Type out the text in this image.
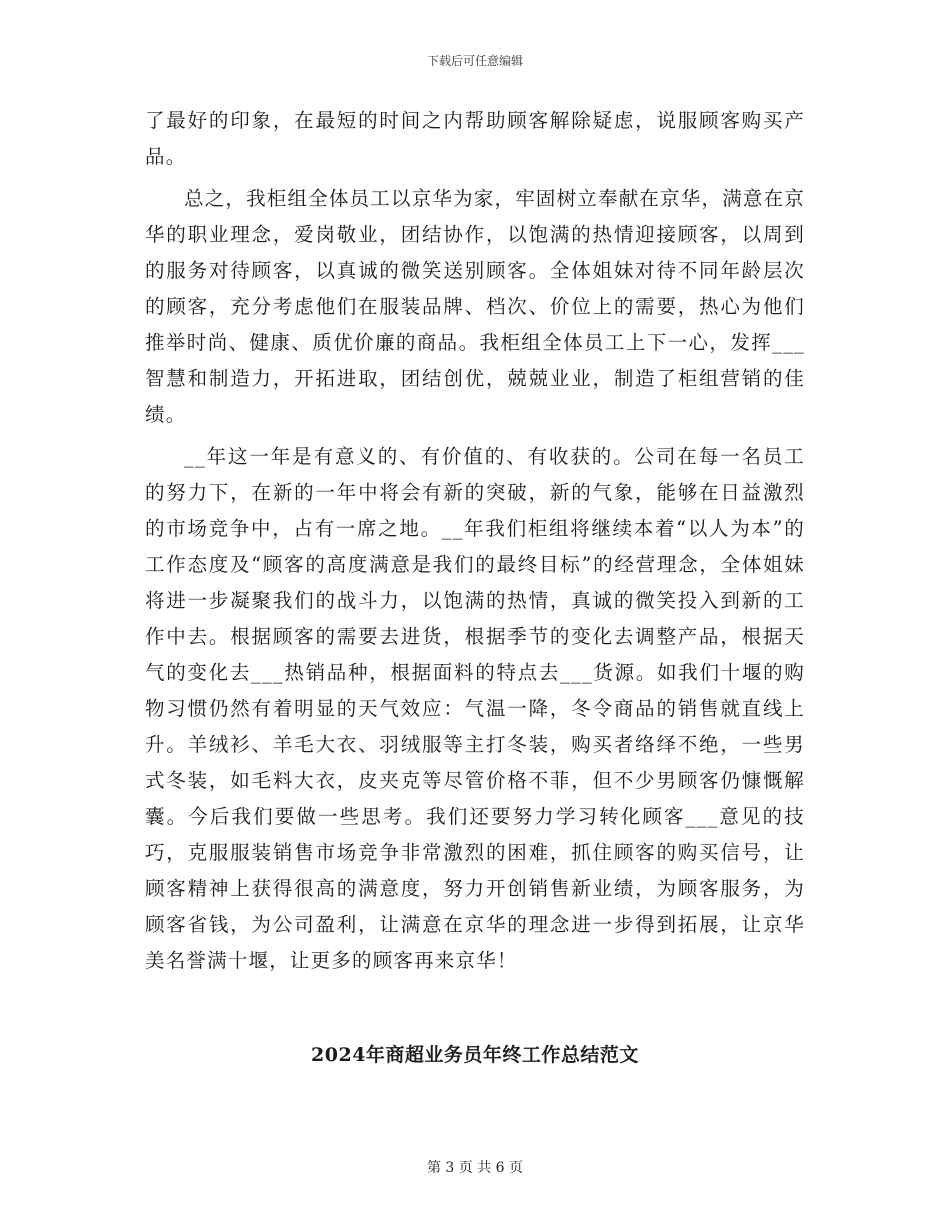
下载后可任意编辑

了最好的印象，在最短的时间之内帮助顾客解除疑虑，说服顾客购买产品。

总之，我柜组全体员工以京华为家，牢固树立奉献在京华，满意在京华的职业理念，爱岗敬业，团结协作，以饱满的热情迎接顾客，以周到的服务对待顾客，以真诚的微笑送别顾客。全体姐妹对待不同年龄层次的顾客，充分考虑他们在服装品牌、档次、价位上的需要，热心为他们推举时尚、健康、质优价廉的商品。我柜组全体员工上下一心，发挥___智慧和制造力，开拓进取，团结创优，兢兢业业，制造了柜组营销的佳绩。

__年这一年是有意义的、有价值的、有收获的。公司在每一名员工的努力下，在新的一年中将会有新的突破，新的气象，能够在日益激烈的市场竞争中，占有一席之地。__年我们柜组将继续本着“以人为本”的工作态度及“顾客的高度满意是我们的最终目标”的经营理念，全体姐妹将进一步凝聚我们的战斗力，以饱满的热情，真诚的微笑投入到新的工作中去。根据顾客的需要去进货，根据季节的变化去调整产品，根据天气的变化去___热销品种，根据面料的特点去___货源。如我们十堰的购物习惯仍然有着明显的天气效应：气温一降，冬令商品的销售就直线上升。羊绒衫、羊毛大衣、羽绒服等主打冬装，购买者络绎不绝，一些男式冬装，如毛料大衣，皮夹克等尽管价格不菲，但不少男顾客仍慷慨解囊。今后我们要做一些思考。我们还要努力学习转化顾客___意见的技巧，克服服装销售市场竞争非常激烈的困难，抓住顾客的购买信号，让顾客精神上获得很高的满意度，努力开创销售新业绩，为顾客服务，为顾客省钱，为公司盈利，让满意在京华的理念进一步得到拓展，让京华美名誉满十堰，让更多的顾客再来京华！

2024年商超业务员年终工作总结范文
第 3 页 共 6 页
